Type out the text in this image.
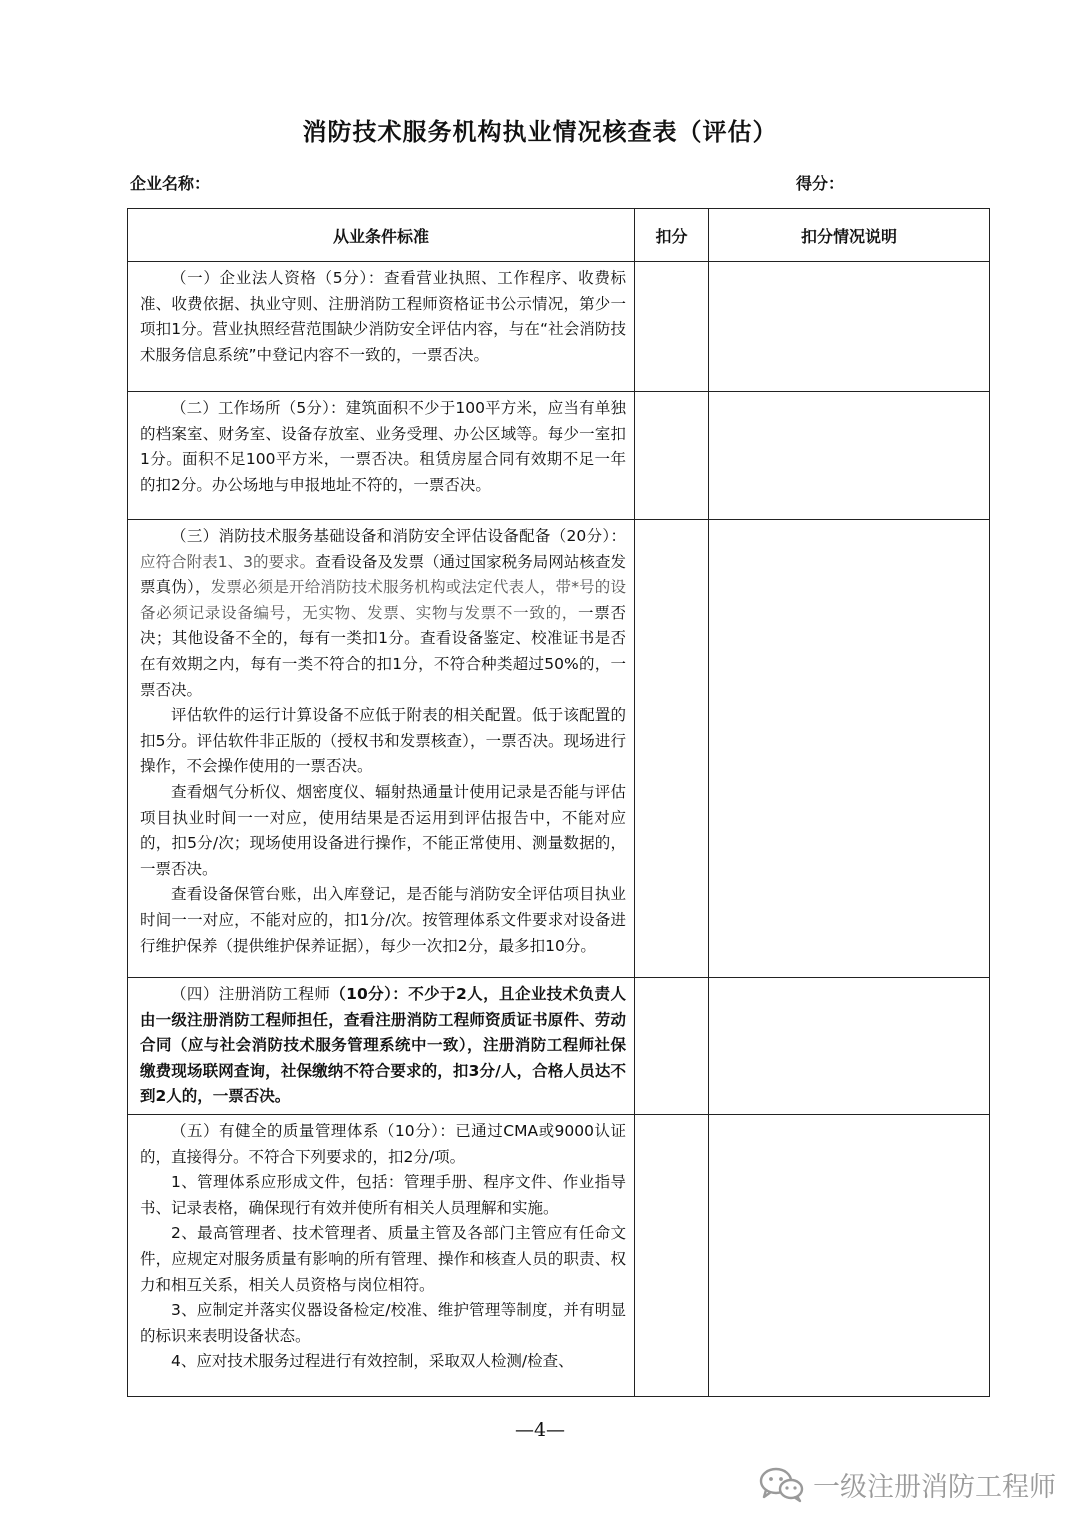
消防技术服务机构执业情况核查表（评估）
企业名称：	得分：
从业条件标准	扣分	扣分情况说明

（一）企业法人资格（5分）：查看营业执照、工作程序、收费标准、收费依据、执业守则、注册消防工程师资格证书公示情况，第少一项扣1分。营业执照经营范围缺少消防安全评估内容，与在“社会消防技术服务信息系统”中登记内容不一致的，一票否决。		

（二）工作场所（5分）：建筑面积不少于100平方米，应当有单独的档案室、财务室、设备存放室、业务受理、办公区域等。每少一室扣1分。面积不足100平方米，一票否决。租赁房屋合同有效期不足一年的扣2分。办公场地与申报地址不符的，一票否决。		

（三）消防技术服务基础设备和消防安全评估设备配备（20分）：应符合附表1、3的要求。查看设备及发票（通过国家税务局网站核查发票真伪），发票必须是开给消防技术服务机构或法定代表人，带*号的设备必须记录设备编号，无实物、发票、实物与发票不一致的，一票否决；其他设备不全的，每有一类扣1分。查看设备鉴定、校准证书是否在有效期之内，每有一类不符合的扣1分，不符合种类超过50%的，一票否决。

评估软件的运行计算设备不应低于附表的相关配置。低于该配置的扣5分。评估软件非正版的（授权书和发票核查），一票否决。现场进行操作，不会操作使用的一票否决。

查看烟气分析仪、烟密度仪、辐射热通量计使用记录是否能与评估项目执业时间一一对应，使用结果是否运用到评估报告中，不能对应的，扣5分/次；现场使用设备进行操作，不能正常使用、测量数据的，一票否决。

查看设备保管台账，出入库登记，是否能与消防安全评估项目执业时间一一对应，不能对应的，扣1分/次。按管理体系文件要求对设备进行维护保养（提供维护保养证据），每少一次扣2分，最多扣10分。		

（四）注册消防工程师（10分）：不少于2人，且企业技术负责人由一级注册消防工程师担任，查看注册消防工程师资质证书原件、劳动合同（应与社会消防技术服务管理系统中一致），注册消防工程师社保缴费现场联网查询，社保缴纳不符合要求的，扣3分/人，合格人员达不到2人的，一票否决。		

（五）有健全的质量管理体系（10分）：已通过CMA或9000认证的，直接得分。不符合下列要求的，扣2分/项。

1、管理体系应形成文件，包括：管理手册、程序文件、作业指导书、记录表格，确保现行有效并使所有相关人员理解和实施。

2、最高管理者、技术管理者、质量主管及各部门主管应有任命文件，应规定对服务质量有影响的所有管理、操作和核查人员的职责、权力和相互关系，相关人员资格与岗位相符。

3、应制定并落实仪器设备检定/校准、维护管理等制度，并有明显的标识来表明设备状态。

4、应对技术服务过程进行有效控制，采取双人检测/检查、		

—4—
一级注册消防工程师
